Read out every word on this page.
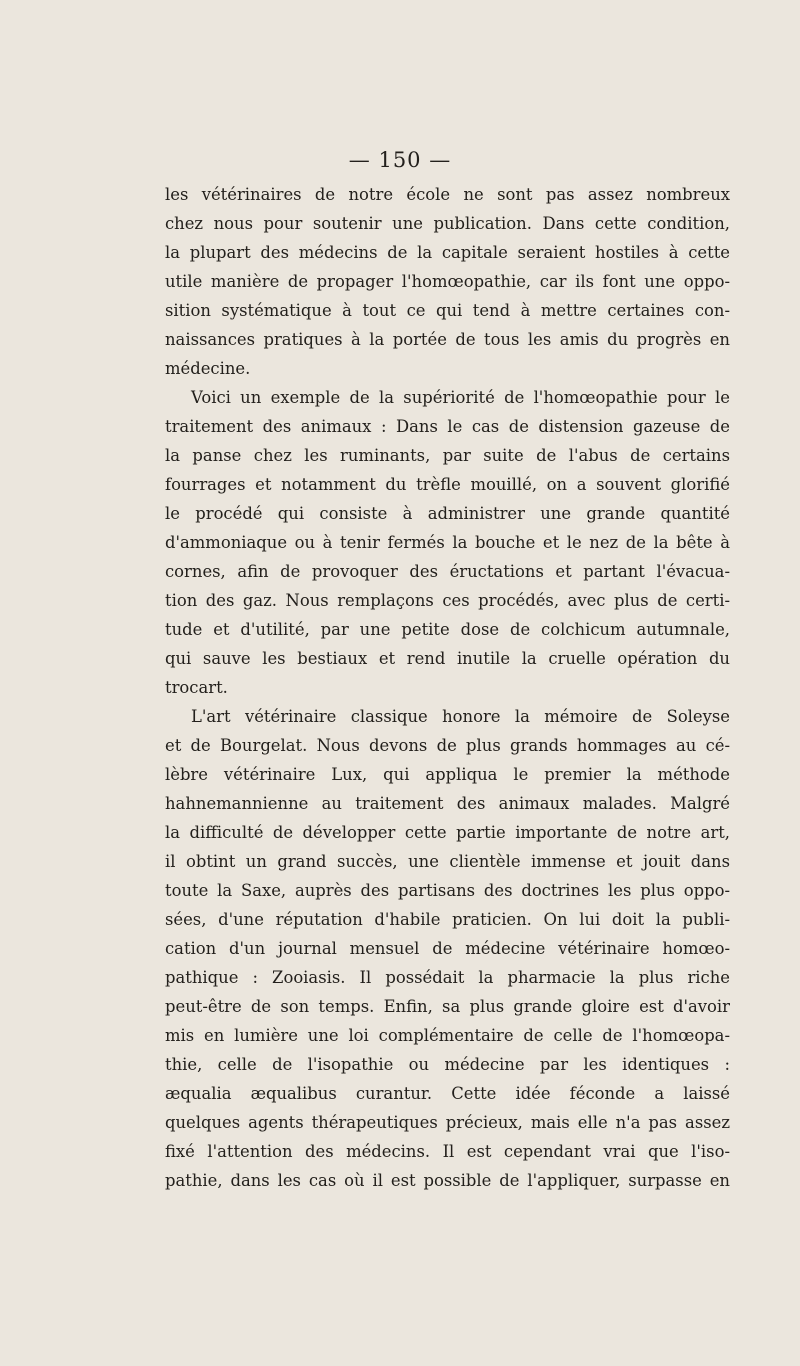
— 150 —
les vétérinaires de notre école ne sont pas assez nombreux
chez nous pour soutenir une publication. Dans cette condition,
la plupart des médecins de la capitale seraient hostiles à cette
utile manière de propager l'homœopathie, car ils font une oppo-
sition systématique à tout ce qui tend à mettre certaines con-
naissances pratiques à la portée de tous les amis du progrès en
médecine.
Voici un exemple de la supériorité de l'homœopathie pour le
traitement des animaux : Dans le cas de distension gazeuse de
la panse chez les ruminants, par suite de l'abus de certains
fourrages et notamment du trèfle mouillé, on a souvent glorifié
le procédé qui consiste à administrer une grande quantité
d'ammoniaque ou à tenir fermés la bouche et le nez de la bête à
cornes, afin de provoquer des éructations et partant l'évacua-
tion des gaz. Nous remplaçons ces procédés, avec plus de certi-
tude et d'utilité, par une petite dose de colchicum autumnale,
qui sauve les bestiaux et rend inutile la cruelle opération du
trocart.
L'art vétérinaire classique honore la mémoire de Soleyse
et de Bourgelat. Nous devons de plus grands hommages au cé-
lèbre vétérinaire Lux, qui appliqua le premier la méthode
hahnemannienne au traitement des animaux malades. Malgré
la difficulté de développer cette partie importante de notre art,
il obtint un grand succès, une clientèle immense et jouit dans
toute la Saxe, auprès des partisans des doctrines les plus oppo-
sées, d'une réputation d'habile praticien. On lui doit la publi-
cation d'un journal mensuel de médecine vétérinaire homœo-
pathique : Zooiasis. Il possédait la pharmacie la plus riche
peut-être de son temps. Enfin, sa plus grande gloire est d'avoir
mis en lumière une loi complémentaire de celle de l'homœopa-
thie, celle de l'isopathie ou médecine par les identiques :
æqualia æqualibus curantur. Cette idée féconde a laissé
quelques agents thérapeutiques précieux, mais elle n'a pas assez
fixé l'attention des médecins. Il est cependant vrai que l'iso-
pathie, dans les cas où il est possible de l'appliquer, surpasse en
